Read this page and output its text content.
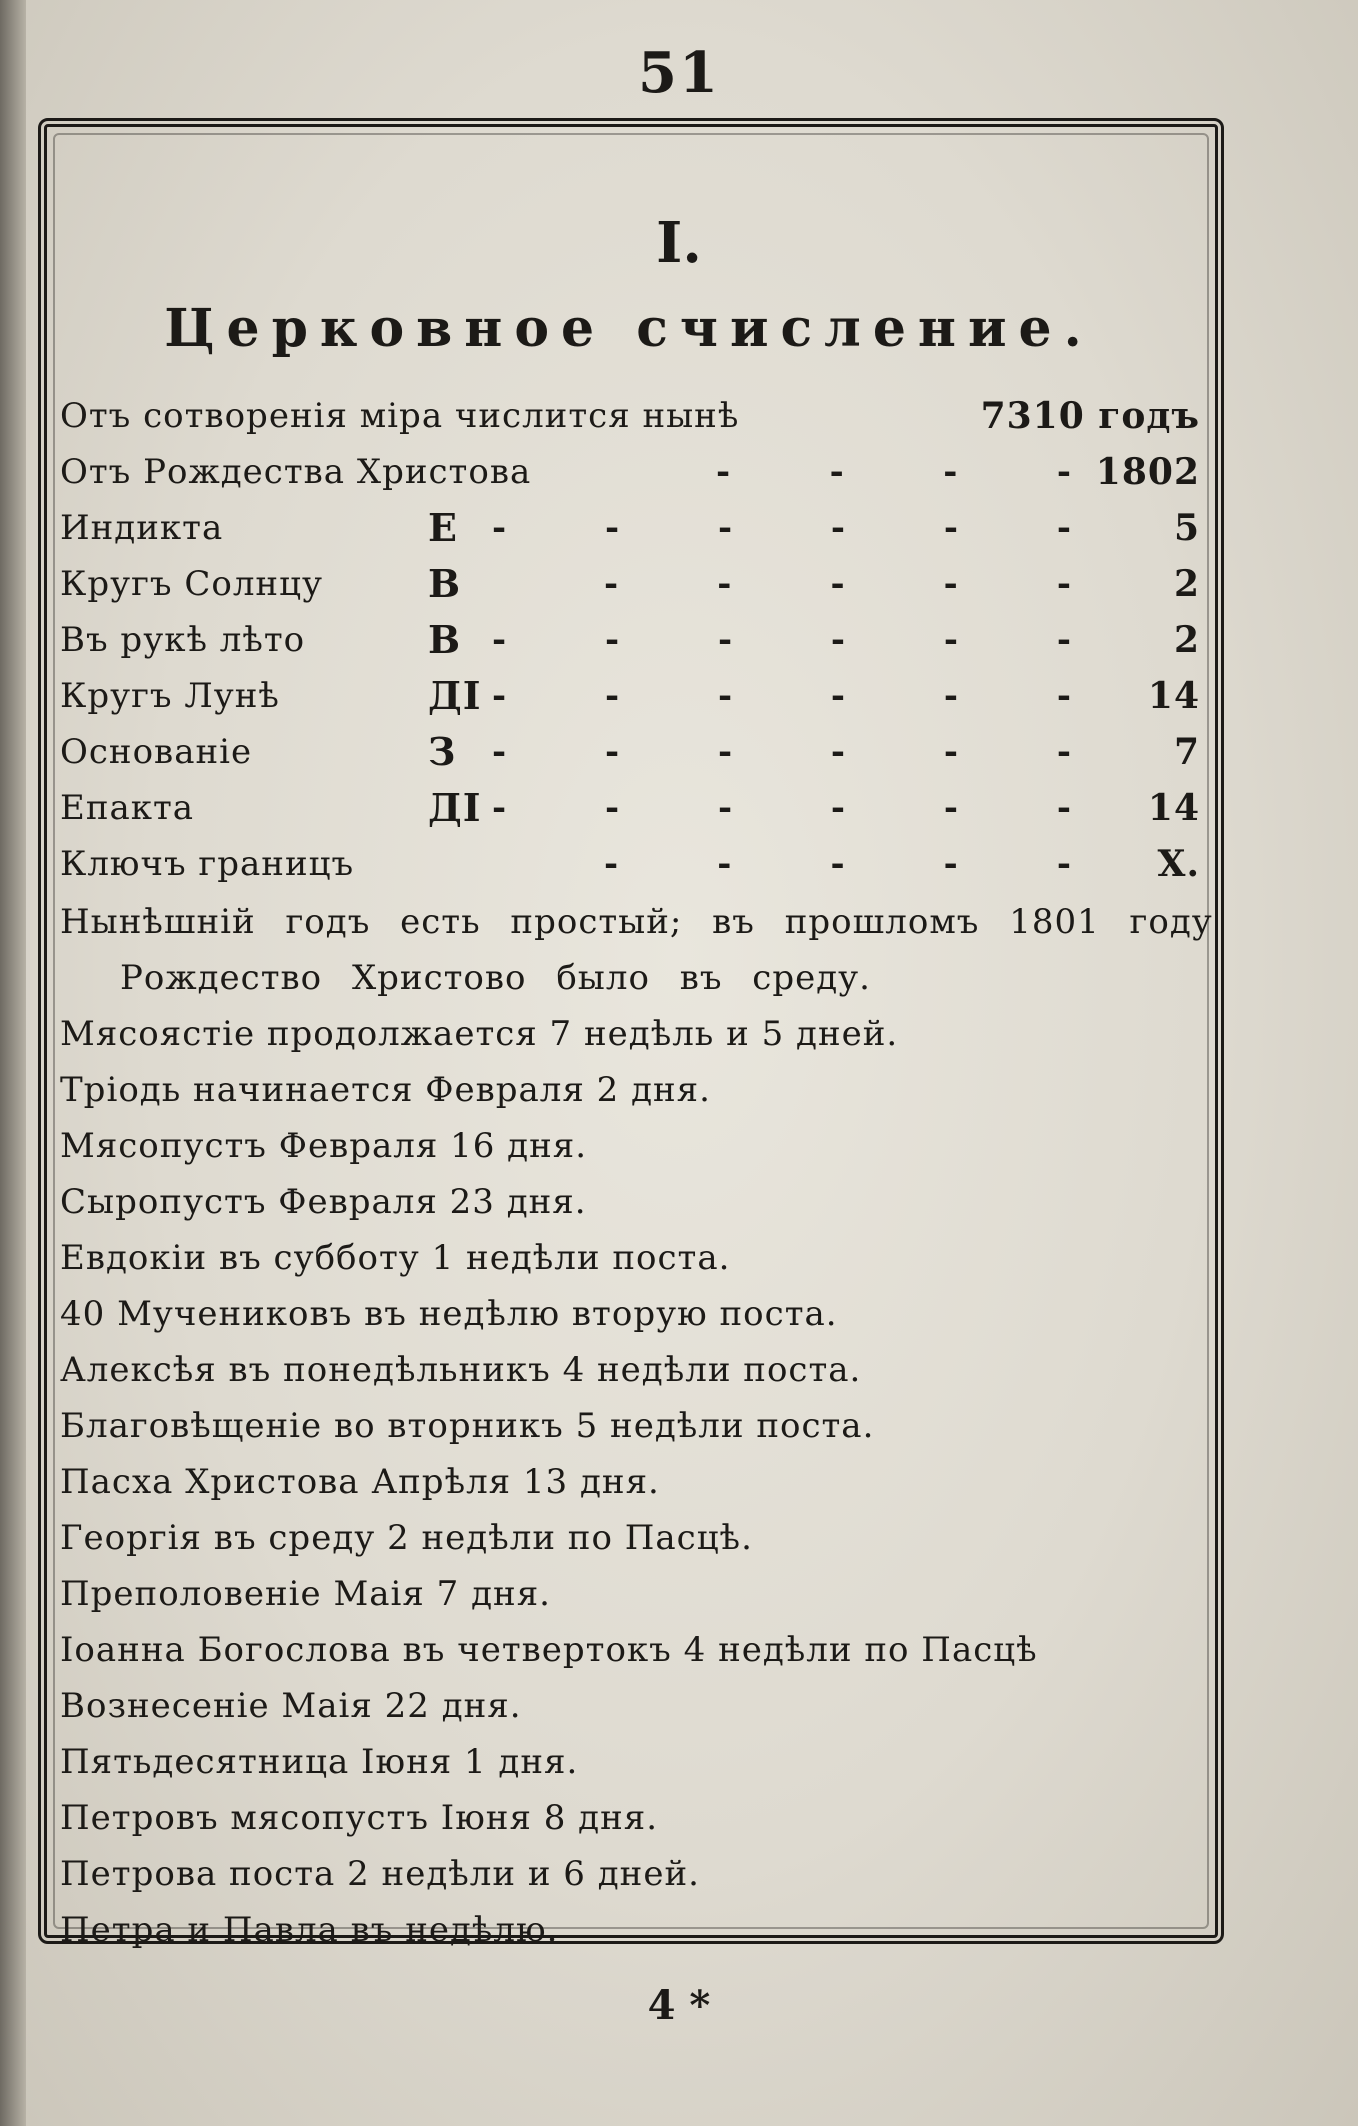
51
I.
Церковное счисление.
Отъ сотворенія міра числится нынѣ	7310 годъ
Отъ Рождества Христова	-	-	-	- 1802
Индикта	Е -	-	-	-	-	-	5
Кругъ Солнцу	В	-	-	-	-	-	2
Въ рукѣ лѣто	В -	-	-	-	-	-	2
Кругъ Лунѣ	ДІ -	-	-	-	-	- 14
Основаніе	З -	-	-	-	-	-	7
Епакта	ДІ -	-	-	-	-	- 14
Ключъ границъ	-	-	-	-	- Х.
Нынѣшній годъ есть простый; въ прошломъ 1801 году Рождество Христово было въ среду.
Мясоястіе продолжается 7 недѣль и 5 дней.
Тріодь начинается Февраля 2 дня.
Мясопустъ Февраля 16 дня.
Сыропустъ Февраля 23 дня.
Евдокіи въ субботу 1 недѣли поста.
40 Мучениковъ въ недѣлю вторую поста.
Алексѣя въ понедѣльникъ 4 недѣли поста.
Благовѣщеніе во вторникъ 5 недѣли поста.
Пасха Христова Апрѣля 13 дня.
Георгія въ среду 2 недѣли по Пасцѣ.
Преполовеніе Маія 7 дня.
Іоанна Богослова въ четвертокъ 4 недѣли по Пасцѣ
Вознесеніе Маія 22 дня.
Пятьдесятница Іюня 1 дня.
Петровъ мясопустъ Іюня 8 дня.
Петрова поста 2 недѣли и 6 дней.
Петра и Павла въ недѣлю.
4 *
